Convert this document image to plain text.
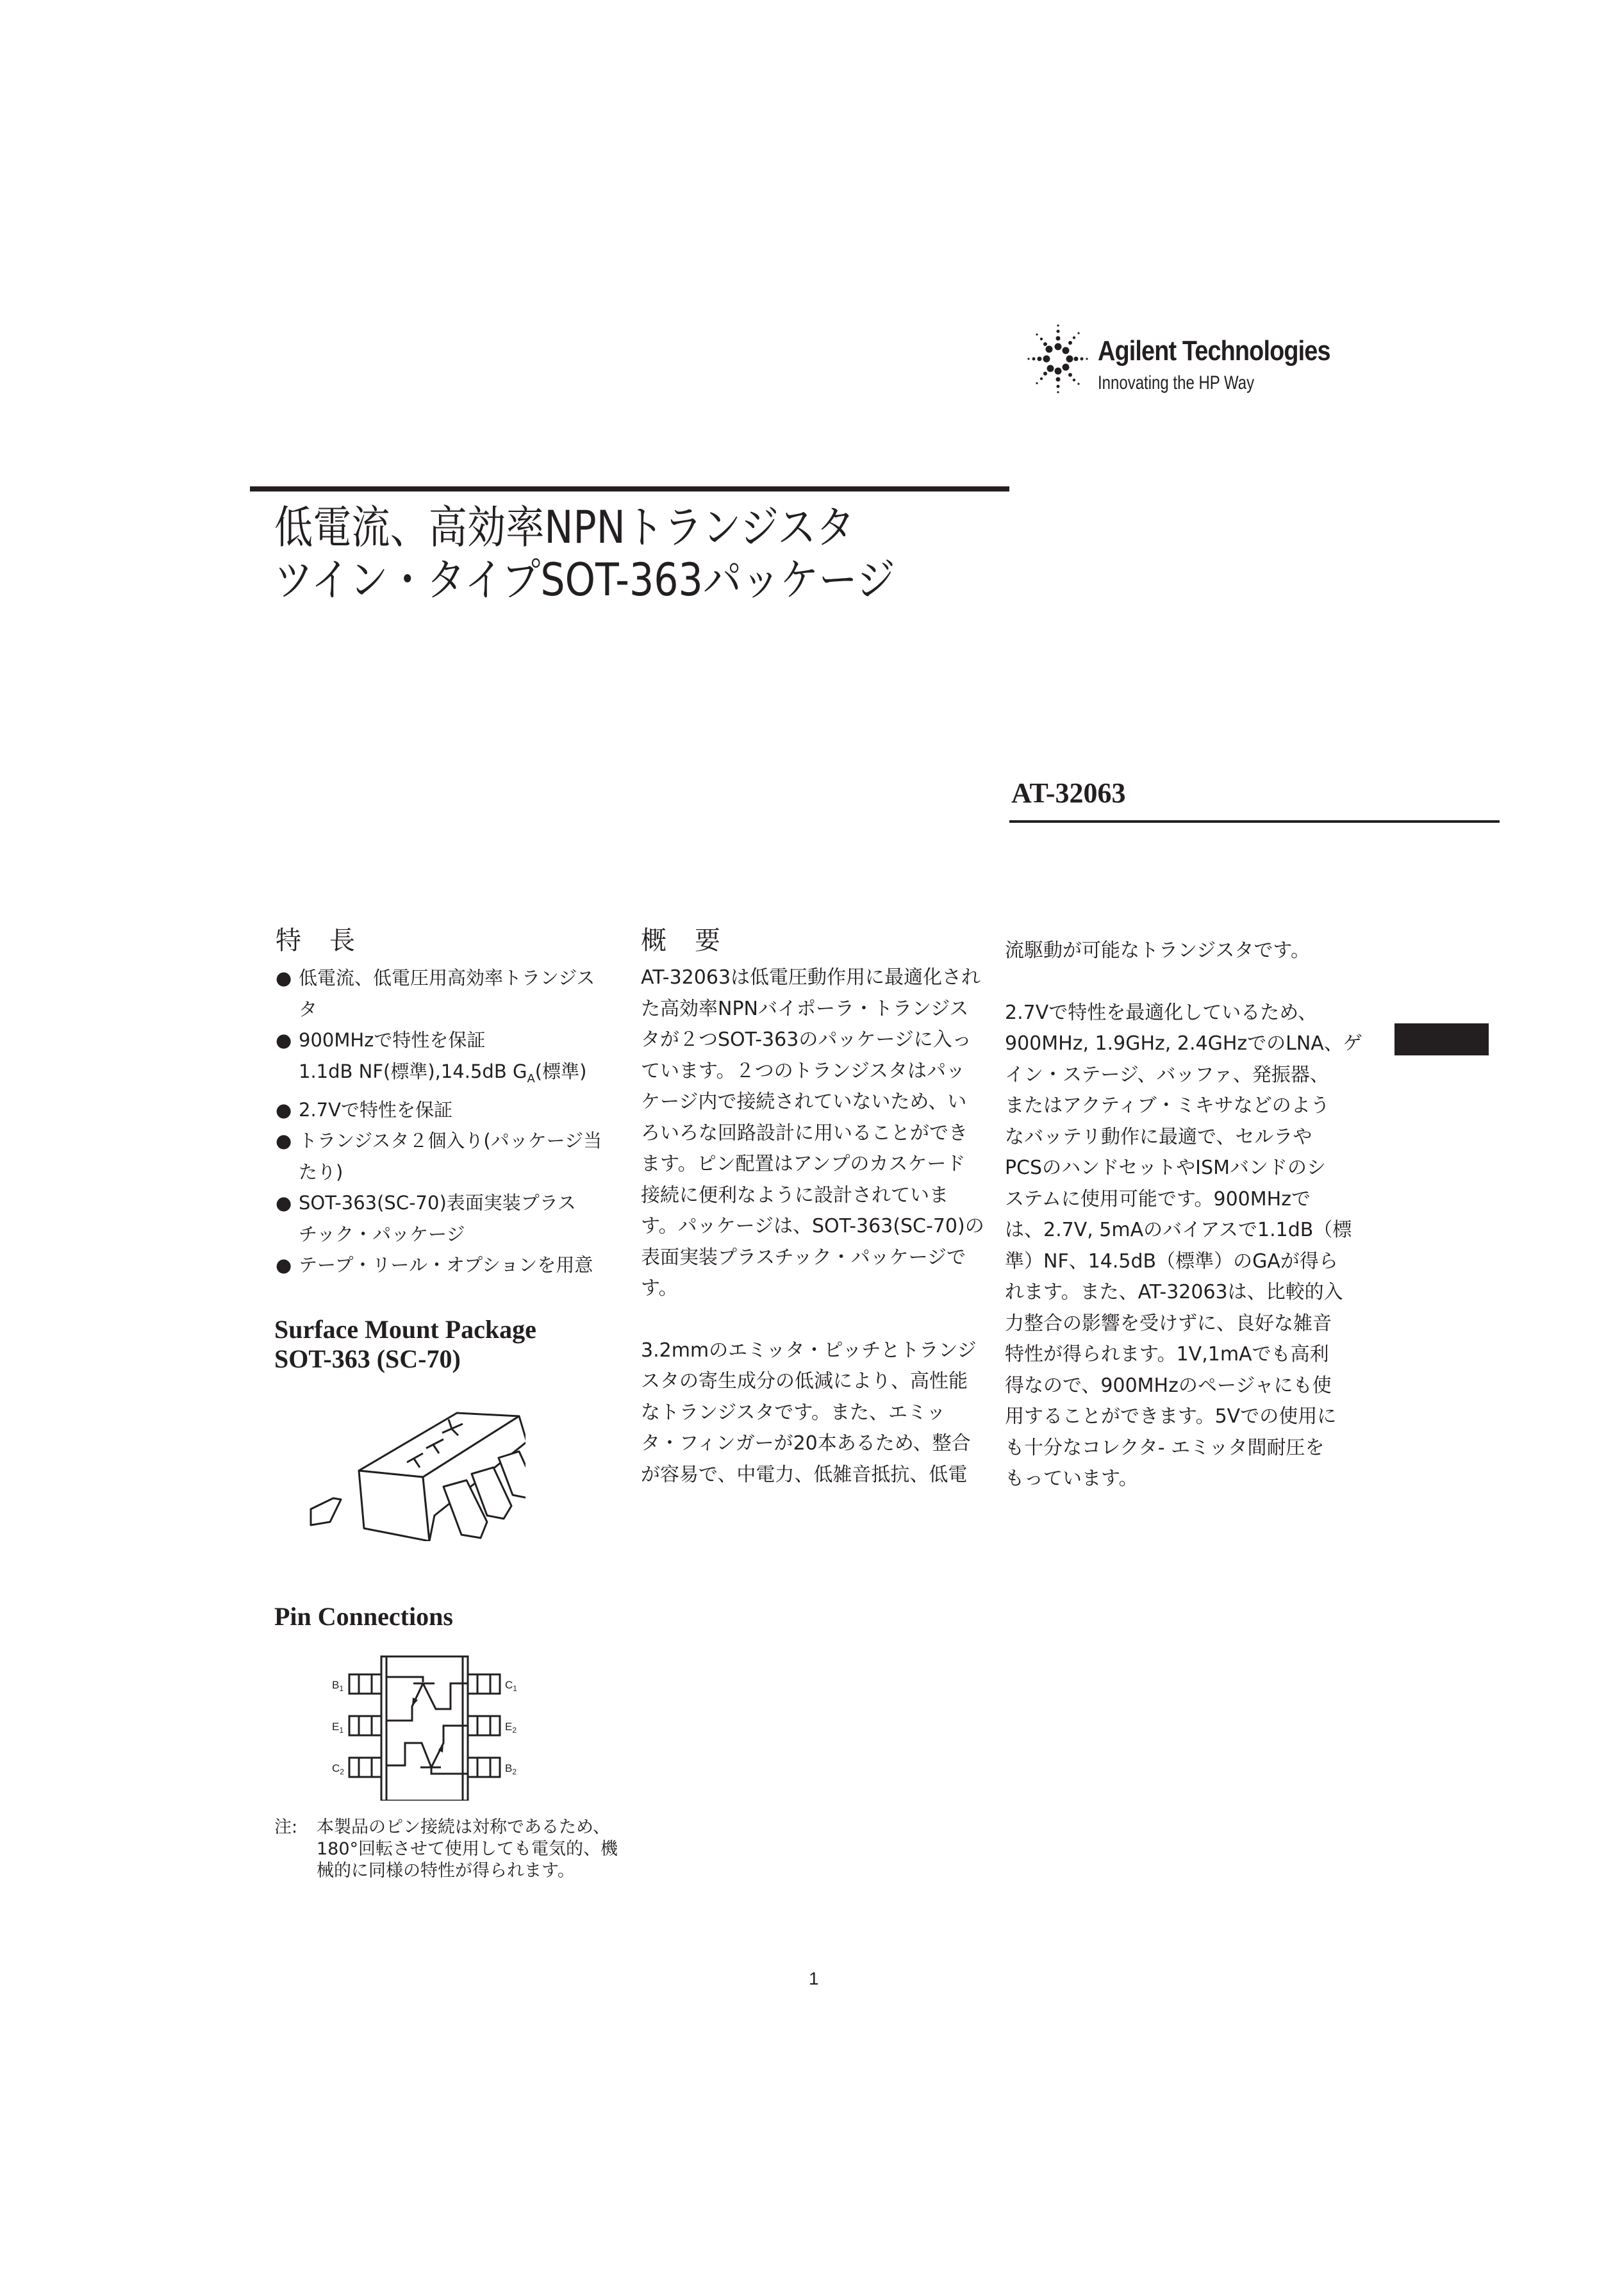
Agilent Technologies
Innovating the HP Way
低電流、高効率NPNトランジスタ
ツイン・タイプSOT-363パッケージ
AT-32063
特　長
● 低電流、低電圧用高効率トランジス
タ
● 900MHzで特性を保証
1.1dB NF(標準),14.5dB $G_A$(標準)
● 2.7Vで特性を保証
● トランジスタ２個入り(パッケージ当
たり)
● SOT-363(SC-70)表面実装プラス
チック・パッケージ
● テープ・リール・オプションを用意
概　要
AT-32063は低電圧動作用に最適化され
た高効率NPNバイポーラ・トランジス
タが２つSOT-363のパッケージに入っ
ています。２つのトランジスタはパッ
ケージ内で接続されていないため、い
ろいろな回路設計に用いることができ
ます。ピン配置はアンプのカスケード
接続に便利なように設計されていま
す。パッケージは、SOT-363(SC-70)の
表面実装プラスチック・パッケージで
す。
3.2mmのエミッタ・ピッチとトランジ
スタの寄生成分の低減により、高性能
なトランジスタです。また、エミッ
タ・フィンガーが20本あるため、整合
が容易で、中電力、低雑音抵抗、低電
流駆動が可能なトランジスタです。
2.7Vで特性を最適化しているため、
900MHz, 1.9GHz, 2.4GHzでのLNA、ゲ
イン・ステージ、バッファ、発振器、
またはアクティブ・ミキサなどのよう
なバッテリ動作に最適で、セルラや
PCSのハンドセットやISMバンドのシ
ステムに使用可能です。900MHzで
は、2.7V, 5mAのバイアスで1.1dB（標
準）NF、14.5dB（標準）のGAが得ら
れます。また、AT-32063は、比較的入
力整合の影響を受けずに、良好な雑音
特性が得られます。1V,1mAでも高利
得なので、900MHzのページャにも使
用することができます。5Vでの使用に
も十分なコレクタ- エミッタ間耐圧を
もっています。
Surface Mount Package
SOT-363 (SC-70)
Pin Connections
$B_1$
$E_1$
$C_2$
$C_1$
$E_2$
$B_2$
注: 本製品のピン接続は対称であるため、
180°回転させて使用しても電気的、機
械的に同様の特性が得られます。
1
